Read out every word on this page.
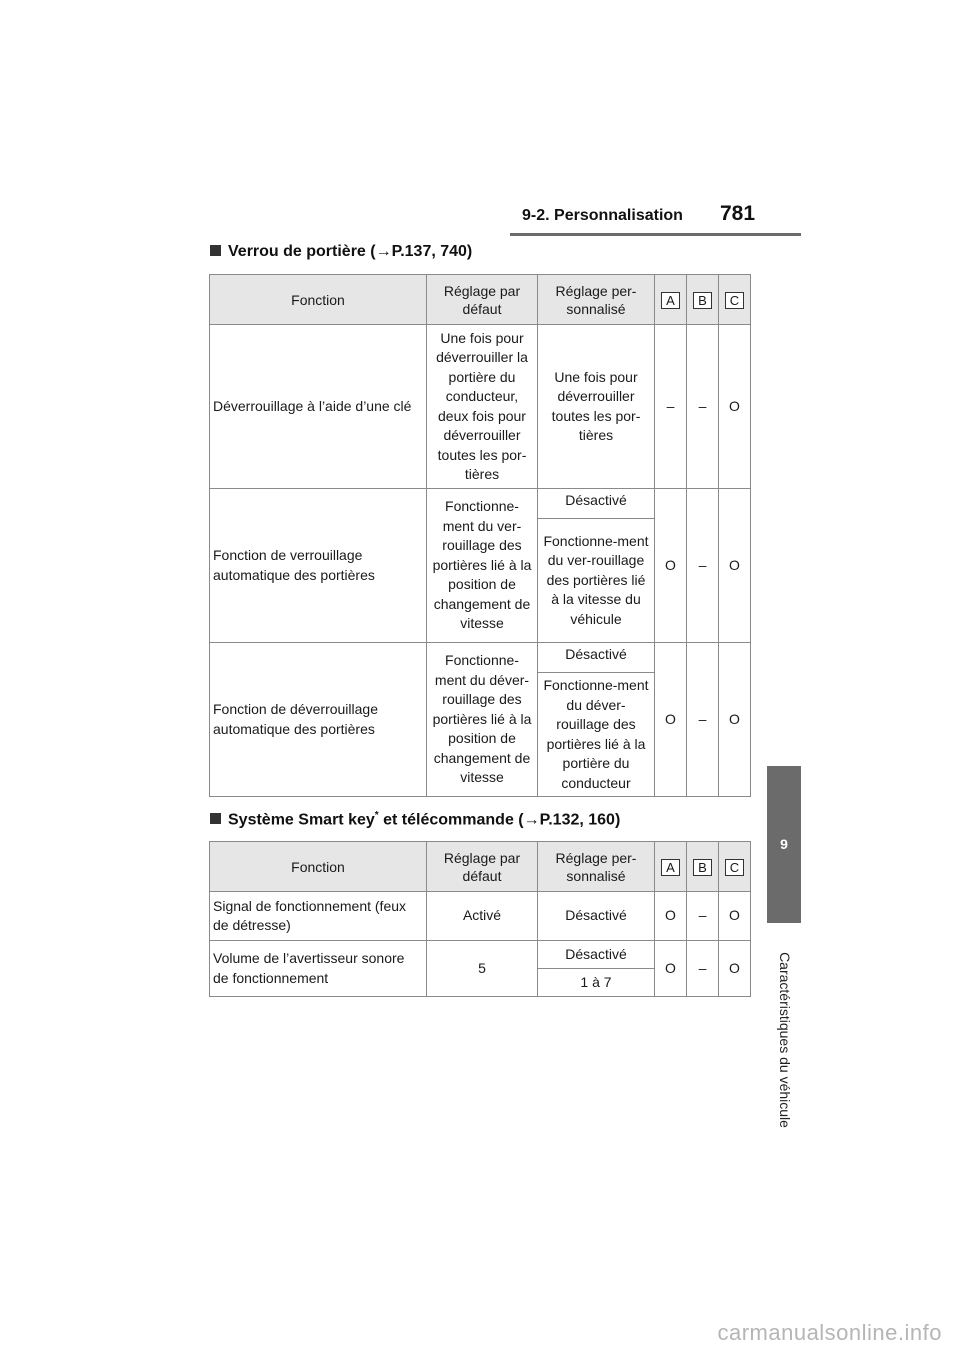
9-2. Personnalisation 781
9
Caractéristiques du véhicule
Verrou de portière (→P.137, 740)
Fonction	Réglage par défaut	Réglage per-sonnalisé	A	B	C
Déverrouillage à l’aide d’une clé	Une fois pour déverrouiller la portière du conducteur, deux fois pour déverrouiller toutes les por-tières	Une fois pour déverrouiller toutes les por-tières	–	–	O
Fonction de verrouillage automatique des portières	Fonctionne-ment du ver-rouillage des portières lié à la position de changement de vitesse	Désactivé	O	–	O
		Fonctionne-ment du ver-rouillage des portières lié à la vitesse du véhicule			
Fonction de déverrouillage automatique des portières	Fonctionne-ment du déver-rouillage des portières lié à la position de changement de vitesse	Désactivé	O	–	O
		Fonctionne-ment du déver-rouillage des portières lié à la portière du conducteur			
Système Smart key* et télécommande (→P.132, 160)
Fonction	Réglage par défaut	Réglage per-sonnalisé	A	B	C
Signal de fonctionnement (feux de détresse)	Activé	Désactivé	O	–	O
Volume de l’avertisseur sonore de fonctionnement	5	Désactivé	O	–	O
		1 à 7			
carmanualsonline.info
